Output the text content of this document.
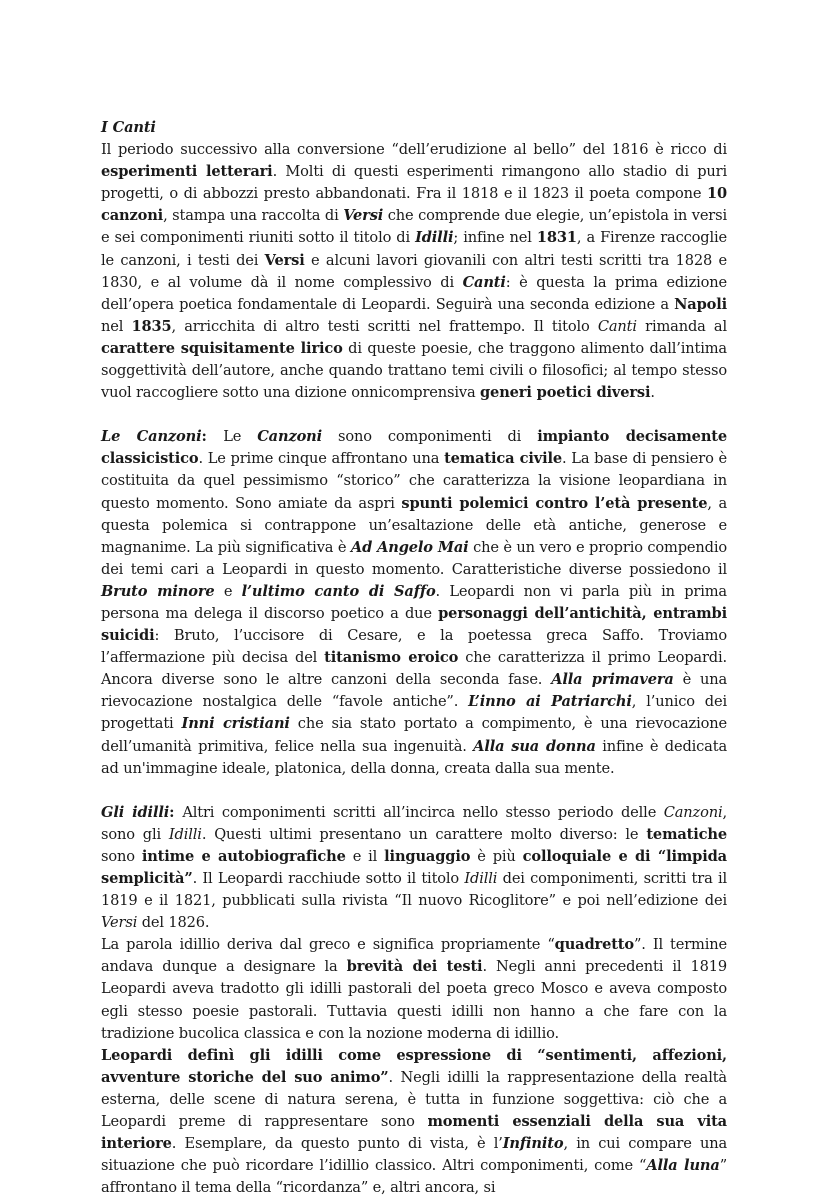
I Canti

Il periodo successivo alla conversione “dell’erudizione al bello” del 1816 è ricco di esperimenti letterari. Molti di questi esperimenti rimangono allo stadio di puri progetti, o di abbozzi presto abbandonati. Fra il 1818 e il 1823 il poeta compone 10 canzoni, stampa una raccolta di Versi che comprende due elegie, un’epistola in versi e sei componimenti riuniti sotto il titolo di Idilli; infine nel 1831, a Firenze raccoglie le canzoni, i testi dei Versi e alcuni lavori giovanili con altri testi scritti tra 1828 e 1830, e al volume dà il nome complessivo di Canti: è questa la prima edizione dell’opera poetica fondamentale di Leopardi. Seguirà una seconda edizione a Napoli nel 1835, arricchita di altro testi scritti nel frattempo. Il titolo Canti rimanda al carattere squisitamente lirico di queste poesie, che traggono alimento dall’intima soggettività dell’autore, anche quando trattano temi civili o filosofici; al tempo stesso vuol raccogliere sotto una dizione onnicomprensiva generi poetici diversi.

Le Canzoni: Le Canzoni sono componimenti di impianto decisamente classicistico. Le prime cinque affrontano una tematica civile. La base di pensiero è costituita da quel pessimismo “storico” che caratterizza la visione leopardiana in questo momento. Sono amiate da aspri spunti polemici contro l’età presente, a questa polemica si contrappone un’esaltazione delle età antiche, generose e magnanime. La più significativa è Ad Angelo Mai che è un vero e proprio compendio dei temi cari a Leopardi in questo momento. Caratteristiche diverse possiedono il Bruto minore e l’ultimo canto di Saffo. Leopardi non vi parla più in prima persona ma delega il discorso poetico a due personaggi dell’antichità, entrambi suicidi: Bruto, l’uccisore di Cesare, e la poetessa greca Saffo. Troviamo l’affermazione più decisa del titanismo eroico che caratterizza il primo Leopardi. Ancora diverse sono le altre canzoni della seconda fase. Alla primavera è una rievocazione nostalgica delle “favole antiche”. L’inno ai Patriarchi, l’unico dei progettati Inni cristiani che sia stato portato a compimento, è una rievocazione dell’umanità primitiva, felice nella sua ingenuità. Alla sua donna infine è dedicata ad un'immagine ideale, platonica, della donna, creata dalla sua mente.

Gli idilli: Altri componimenti scritti all’incirca nello stesso periodo delle Canzoni, sono gli Idilli. Questi ultimi presentano un carattere molto diverso: le tematiche sono intime e autobiografiche e il linguaggio è più colloquiale e di “limpida semplicità”. Il Leopardi racchiude sotto il titolo Idilli dei componimenti, scritti tra il 1819 e il 1821, pubblicati sulla rivista “Il nuovo Ricoglitore” e poi nell’edizione dei Versi del 1826.

La parola idillio deriva dal greco e significa propriamente “quadretto”. Il termine andava dunque a designare la brevità dei testi. Negli anni precedenti il 1819 Leopardi aveva tradotto gli idilli pastorali del poeta greco Mosco e aveva composto egli stesso poesie pastorali. Tuttavia questi idilli non hanno a che fare con la tradizione bucolica classica e con la nozione moderna di idillio.

Leopardi definì gli idilli come espressione di “sentimenti, affezioni, avventure storiche del suo animo”. Negli idilli la rappresentazione della realtà esterna, delle scene di natura serena, è tutta in funzione soggettiva: ciò che a Leopardi preme di rappresentare sono momenti essenziali della sua vita interiore. Esemplare, da questo punto di vista, è l’Infinito, in cui compare una situazione che può ricordare l’idillio classico. Altri componimenti, come “Alla luna” affrontano il tema della “ricordanza” e, altri ancora, si
